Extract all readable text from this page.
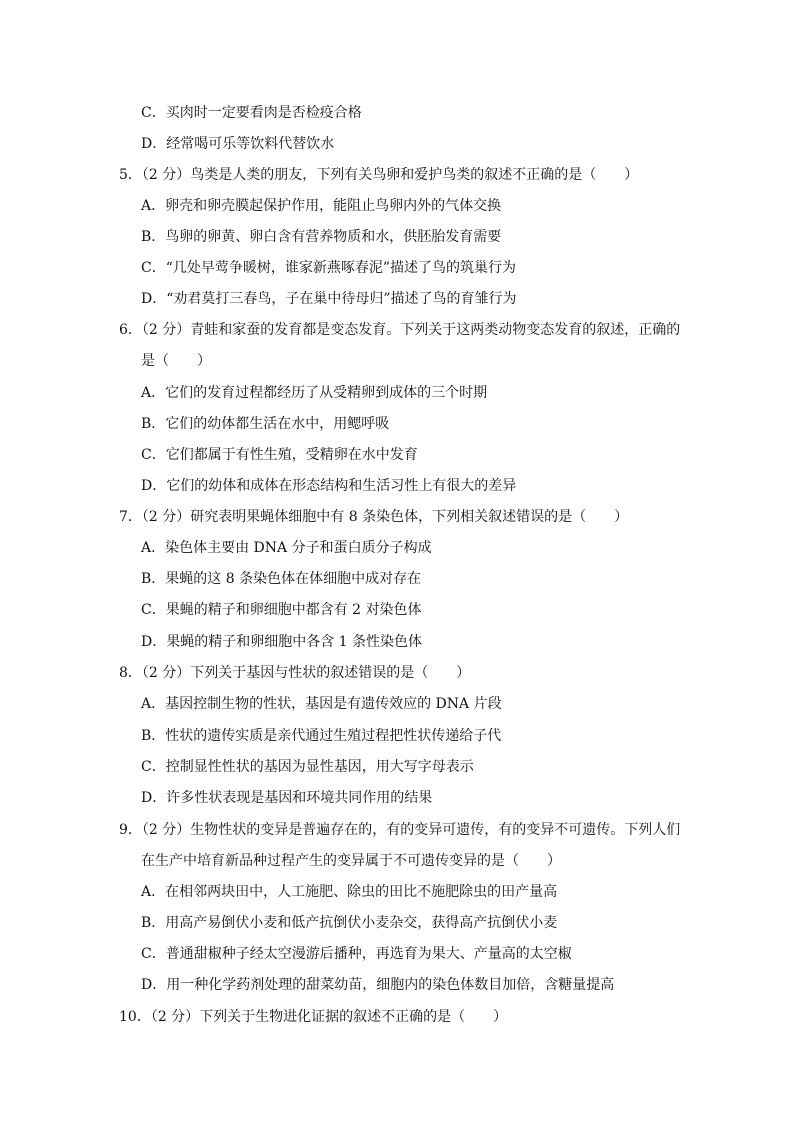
C．买肉时一定要看肉是否检疫合格
D．经常喝可乐等饮料代替饮水
5．（2 分）鸟类是人类的朋友，下列有关鸟卵和爱护鸟类的叙述不正确的是（　　）
A．卵壳和卵壳膜起保护作用，能阻止鸟卵内外的气体交换
B．鸟卵的卵黄、卵白含有营养物质和水，供胚胎发育需要
C．“几处早莺争暖树，谁家新燕啄春泥”描述了鸟的筑巢行为
D．“劝君莫打三春鸟，子在巢中待母归”描述了鸟的育雏行为
6．（2 分）青蛙和家蚕的发育都是变态发育。下列关于这两类动物变态发育的叙述，正确的
是（　　）
A．它们的发育过程都经历了从受精卵到成体的三个时期
B．它们的幼体都生活在水中，用鳃呼吸
C．它们都属于有性生殖，受精卵在水中发育
D．它们的幼体和成体在形态结构和生活习性上有很大的差异
7．（2 分）研究表明果蝇体细胞中有 8 条染色体，下列相关叙述错误的是（　　）
A．染色体主要由 DNA 分子和蛋白质分子构成
B．果蝇的这 8 条染色体在体细胞中成对存在
C．果蝇的精子和卵细胞中都含有 2 对染色体
D．果蝇的精子和卵细胞中各含 1 条性染色体
8．（2 分）下列关于基因与性状的叙述错误的是（　　）
A．基因控制生物的性状，基因是有遗传效应的 DNA 片段
B．性状的遗传实质是亲代通过生殖过程把性状传递给子代
C．控制显性性状的基因为显性基因，用大写字母表示
D．许多性状表现是基因和环境共同作用的结果
9．（2 分）生物性状的变异是普遍存在的，有的变异可遗传，有的变异不可遗传。下列人们
在生产中培育新品种过程产生的变异属于不可遗传变异的是（　　）
A．在相邻两块田中，人工施肥、除虫的田比不施肥除虫的田产量高
B．用高产易倒伏小麦和低产抗倒伏小麦杂交，获得高产抗倒伏小麦
C．普通甜椒种子经太空漫游后播种，再选育为果大、产量高的太空椒
D．用一种化学药剂处理的甜菜幼苗，细胞内的染色体数目加倍，含糖量提高
10．（2 分）下列关于生物进化证据的叙述不正确的是（　　）
